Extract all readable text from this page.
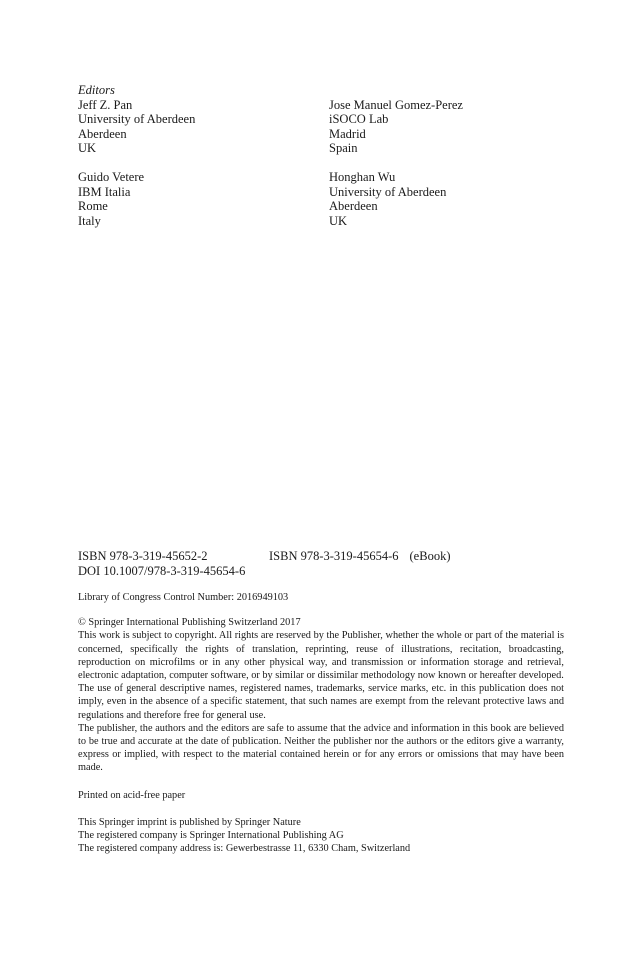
Editors

Jeff Z. Pan
University of Aberdeen
Aberdeen
UK
Jose Manuel Gomez-Perez
iSOCO Lab
Madrid
Spain
Guido Vetere
IBM Italia
Rome
Italy
Honghan Wu
University of Aberdeen
Aberdeen
UK
ISBN 978-3-319-45652-2	ISBN 978-3-319-45654-6 (eBook)
DOI 10.1007/978-3-319-45654-6
Library of Congress Control Number: 2016949103
© Springer International Publishing Switzerland 2017

This work is subject to copyright. All rights are reserved by the Publisher, whether the whole or part of the material is concerned, specifically the rights of translation, reprinting, reuse of illustrations, recitation, broadcasting, reproduction on microfilms or in any other physical way, and transmission or information storage and retrieval, electronic adaptation, computer software, or by similar or dissimilar methodology now known or hereafter developed.

The use of general descriptive names, registered names, trademarks, service marks, etc. in this publication does not imply, even in the absence of a specific statement, that such names are exempt from the relevant protective laws and regulations and therefore free for general use.

The publisher, the authors and the editors are safe to assume that the advice and information in this book are believed to be true and accurate at the date of publication. Neither the publisher nor the authors or the editors give a warranty, express or implied, with respect to the material contained herein or for any errors or omissions that may have been made.

Printed on acid-free paper
This Springer imprint is published by Springer Nature
The registered company is Springer International Publishing AG
The registered company address is: Gewerbestrasse 11, 6330 Cham, Switzerland
